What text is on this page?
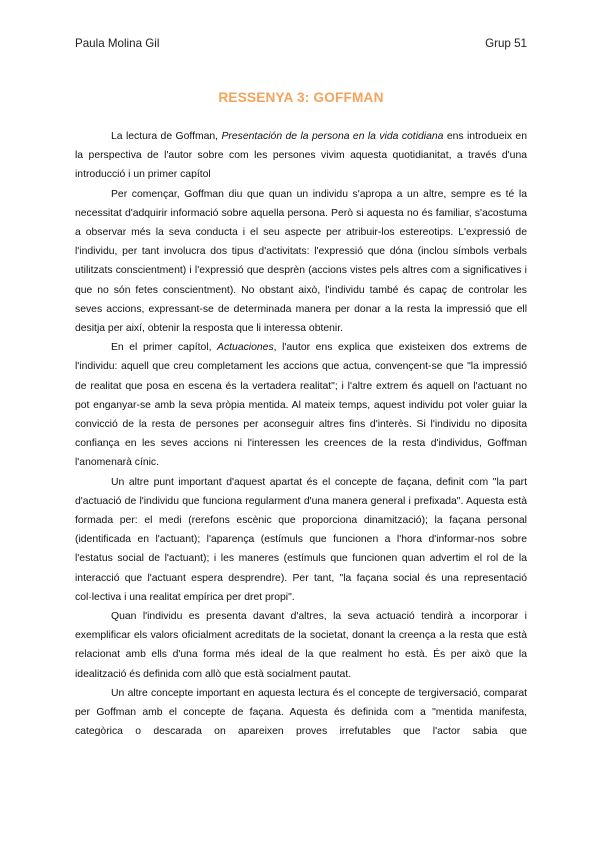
Paula Molina Gil	Grup 51
RESSENYA 3: GOFFMAN

La lectura de Goffman, Presentación de la persona en la vida cotidiana ens introdueix en la perspectiva de l'autor sobre com les persones vivim aquesta quotidianitat, a través d'una introducció i un primer capítol

Per començar, Goffman diu que quan un individu s'apropa a un altre, sempre es té la necessitat d'adquirir informació sobre aquella persona. Però si aquesta no és familiar, s'acostuma a observar més la seva conducta i el seu aspecte per atribuir-los estereotips. L'expressió de l'individu, per tant involucra dos tipus d'activitats: l'expressió que dóna (inclou símbols verbals utilitzats conscientment) i l'expressió que desprèn (accions vistes pels altres com a significatives i que no són fetes conscientment). No obstant això, l'individu també és capaç de controlar les seves accions, expressant-se de determinada manera per donar a la resta la impressió que ell desitja per així, obtenir la resposta que li interessa obtenir.

En el primer capítol, Actuaciones, l'autor ens explica que existeixen dos extrems de l'individu: aquell que creu completament les accions que actua, convençent-se que "la impressió de realitat que posa en escena és la vertadera realitat"; i l'altre extrem és aquell on l'actuant no pot enganyar-se amb la seva pròpia mentida. Al mateix temps, aquest individu pot voler guiar la convicció de la resta de persones per aconseguir altres fins d'interès. Si l'individu no diposita confiança en les seves accions ni l'interessen les creences de la resta d'individus, Goffman l'anomenarà cínic.

Un altre punt important d'aquest apartat és el concepte de façana, definit com "la part d'actuació de l'individu que funciona regularment d'una manera general i prefixada". Aquesta està formada per: el medi (rerefons escènic que proporciona dinamització); la façana personal (identificada en l'actuant); l'aparença (estímuls que funcionen a l'hora d'informar-nos sobre l'estatus social de l'actuant); i les maneres (estímuls que funcionen quan advertim el rol de la interacció que l'actuant espera desprendre). Per tant, "la façana social és una representació col·lectiva i una realitat empírica per dret propi".

Quan l'individu es presenta davant d'altres, la seva actuació tendirà a incorporar i exemplificar els valors oficialment acreditats de la societat, donant la creença a la resta que està relacionat amb ells d'una forma més ideal de la que realment ho està. És per això que la idealització és definida com allò que està socialment pautat.

Un altre concepte important en aquesta lectura és el concepte de tergiversació, comparat per Goffman amb el concepte de façana. Aquesta és definida com a "mentida manifesta, categòrica o descarada on apareixen proves irrefutables que l'actor sabia que
